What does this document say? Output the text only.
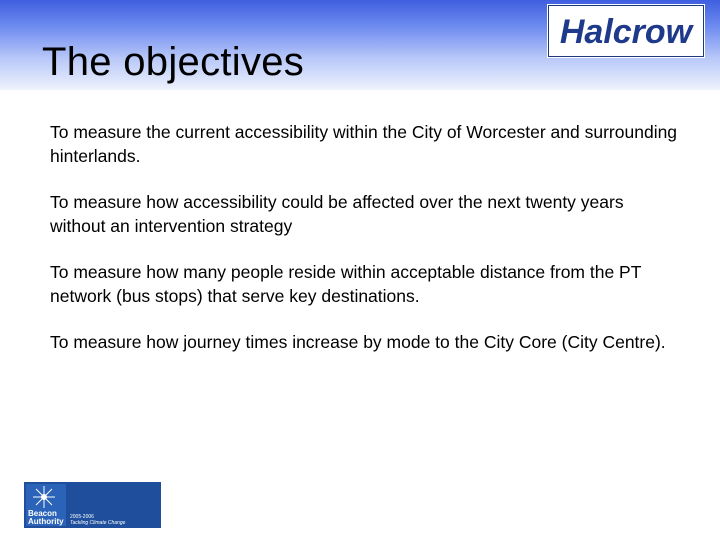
The objectives
Halcrow

To measure the current accessibility within the City of Worcester and surrounding hinterlands.

To measure how accessibility could be affected over the next twenty years without an intervention strategy

To measure how many people reside within acceptable distance from the PT network (bus stops) that serve key destinations.

To measure how journey times increase by mode to the City Core (City Centre).

Beacon
Authority 2005-2006
Tackling Climate Change
